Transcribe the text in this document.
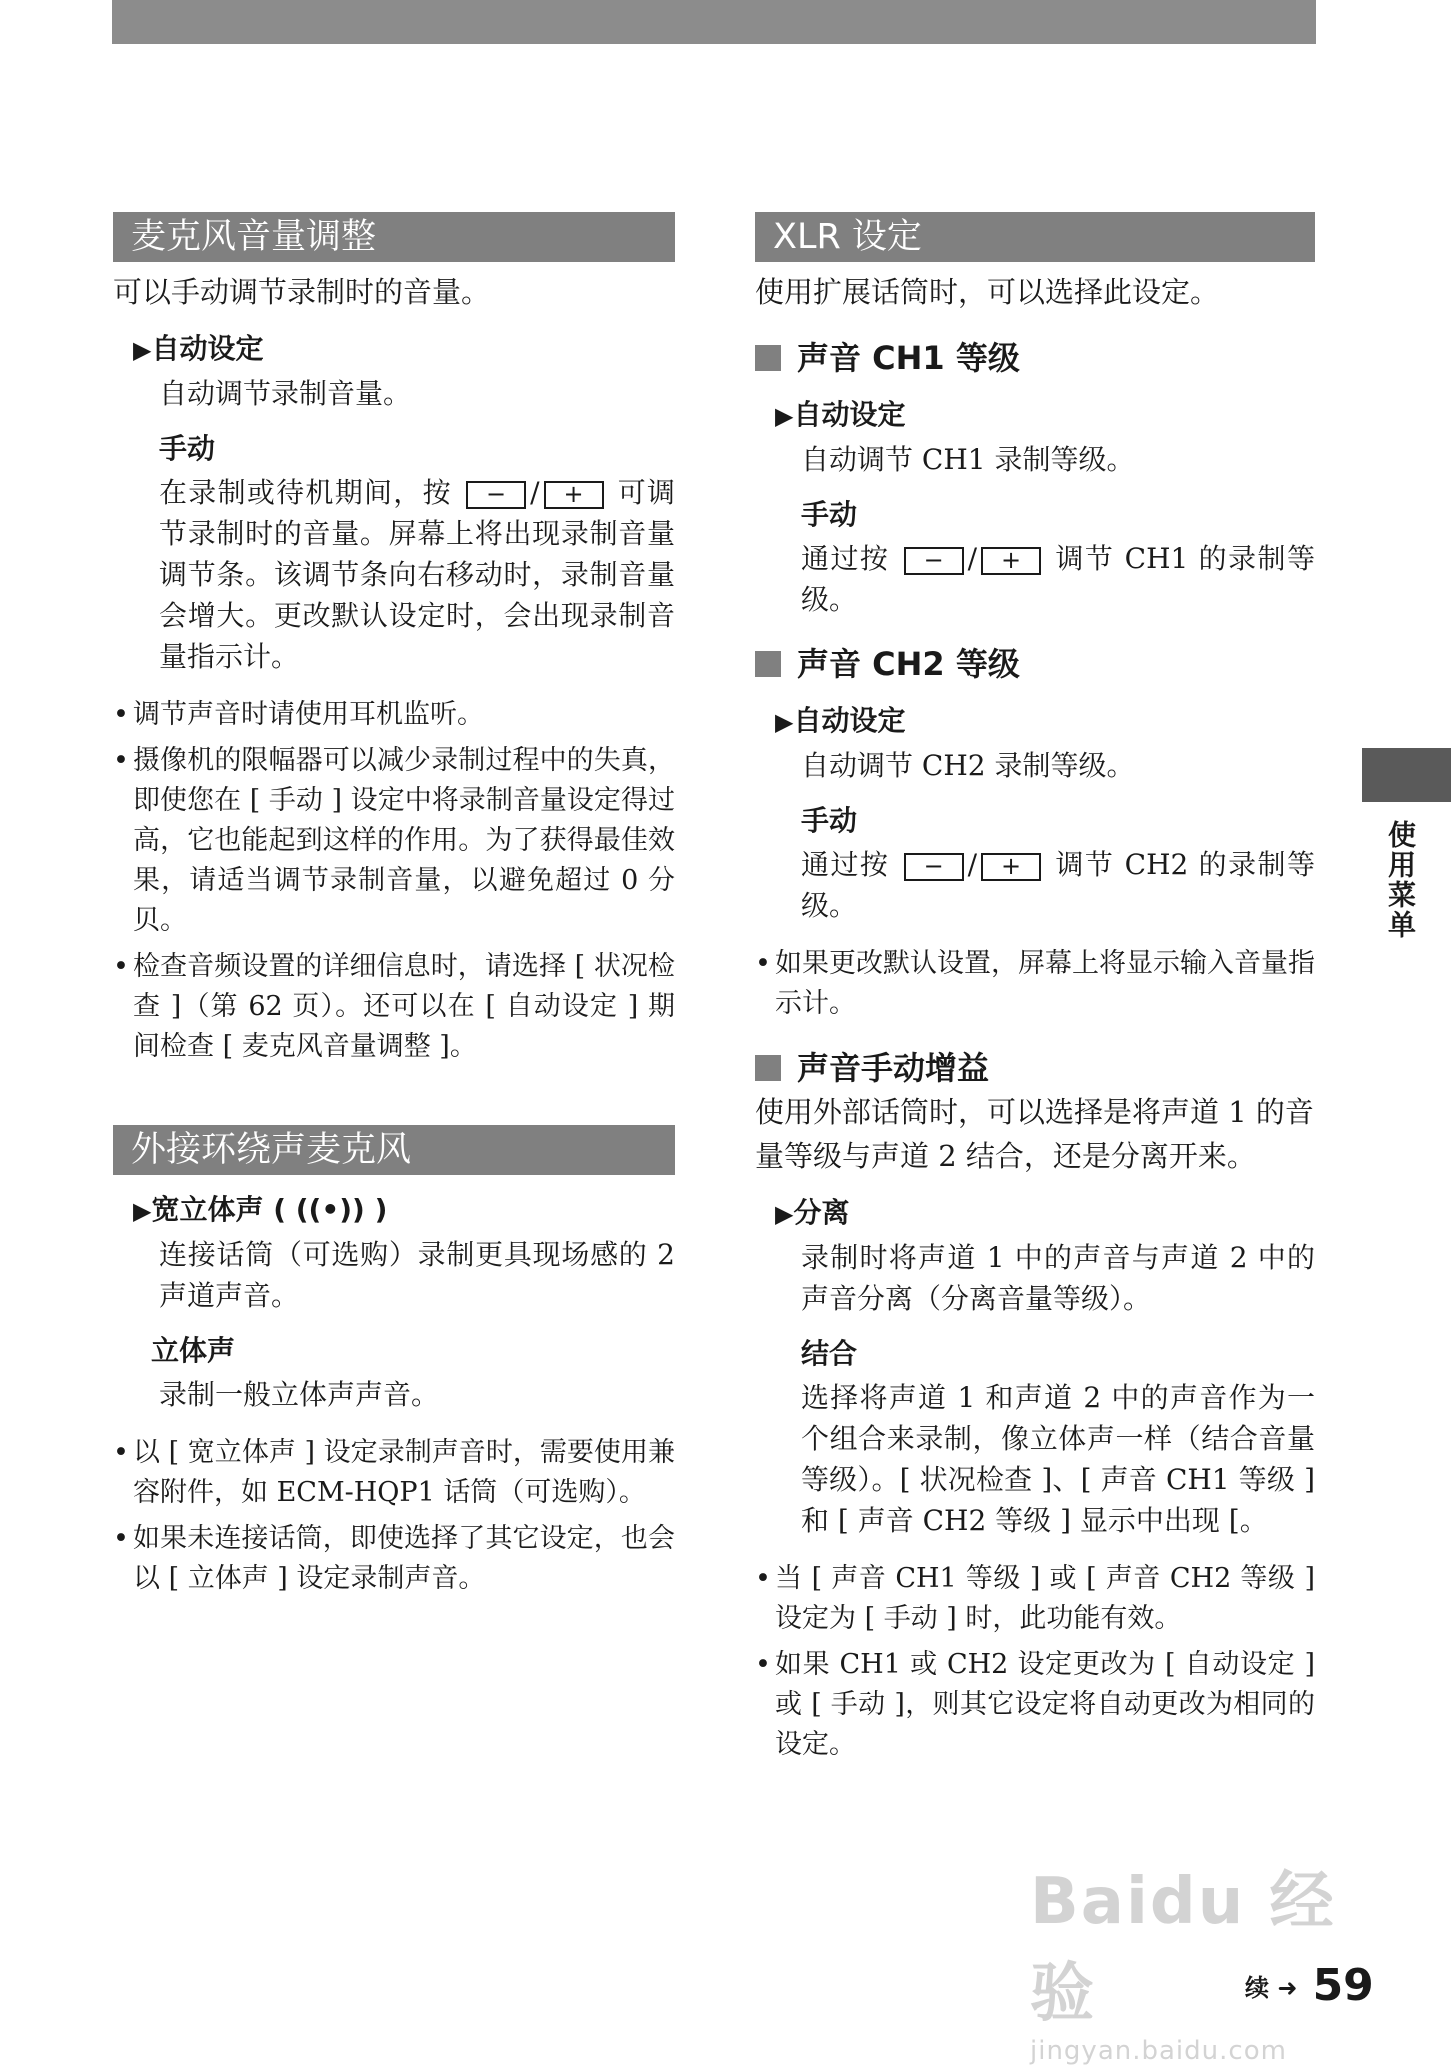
麦克风音量调整

可以手动调节录制时的音量。

▶自动设定

自动调节录制音量。

手动

在录制或待机期间，按 − / + 可调节录制时的音量。屏幕上将出现录制音量调节条。该调节条向右移动时，录制音量会增大。更改默认设定时，会出现录制音量指示计。

• 调节声音时请使用耳机监听。
• 摄像机的限幅器可以减少录制过程中的失真，即使您在 [ 手动 ] 设定中将录制音量设定得过高，它也能起到这样的作用。为了获得最佳效果，请适当调节录制音量，以避免超过 0 分贝。
• 检查音频设置的详细信息时，请选择 [ 状况检查 ]（第 62 页）。还可以在 [ 自动设定 ] 期间检查 [ 麦克风音量调整 ]。
外接环绕声麦克风
▶宽立体声 ( ((•)) )

连接话筒（可选购）录制更具现场感的 2 声道声音。

立体声

录制一般立体声声音。

• 以 [ 宽立体声 ] 设定录制声音时，需要使用兼容附件，如 ECM-HQP1 话筒（可选购）。
• 如果未连接话筒，即使选择了其它设定，也会以 [ 立体声 ] 设定录制声音。
XLR 设定

使用扩展话筒时，可以选择此设定。

声音 CH1 等级
▶自动设定

自动调节 CH1 录制等级。

手动

通过按 − / + 调节 CH1 的录制等级。

声音 CH2 等级
▶自动设定

自动调节 CH2 录制等级。

手动

通过按 − / + 调节 CH2 的录制等级。

• 如果更改默认设置，屏幕上将显示输入音量指示计。
声音手动增益

使用外部话筒时，可以选择是将声道 1 的音量等级与声道 2 结合，还是分离开来。

▶分离

录制时将声道 1 中的声音与声道 2 中的声音分离（分离音量等级）。

结合

选择将声道 1 和声道 2 中的声音作为一个组合来录制，像立体声一样（结合音量等级）。[ 状况检查 ]、[ 声音 CH1 等级 ] 和 [ 声音 CH2 等级 ] 显示中出现 [。

• 当 [ 声音 CH1 等级 ] 或 [ 声音 CH2 等级 ] 设定为 [ 手动 ] 时，此功能有效。
• 如果 CH1 或 CH2 设定更改为 [ 自动设定 ] 或 [ 手动 ]，则其它设定将自动更改为相同的设定。
使用菜单
Baidu 经验
jingyan.baidu.com
续 ➜ 59
